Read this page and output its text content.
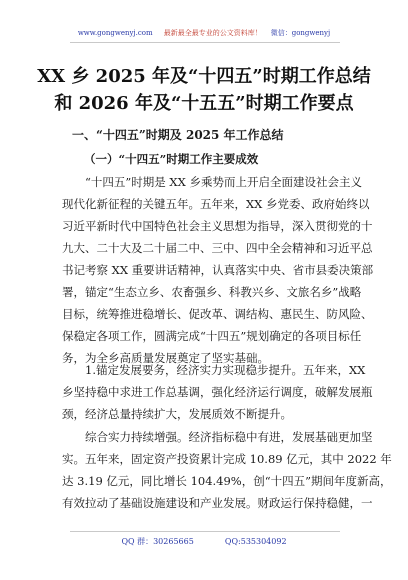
www.gongwenyj.com 最新最全最专业的公文资料库！ 微信：gongwenyj
XX 乡 2025 年及“十四五”时期工作总结
和 2026 年及“十五五”时期工作要点
一、“十四五”时期及 2025 年工作总结
（一）“十四五”时期工作主要成效
“十四五”时期是 XX 乡乘势而上开启全面建设社会主义
现代化新征程的关键五年。五年来，XX 乡党委、政府始终以
习近平新时代中国特色社会主义思想为指导，深入贯彻党的十
九大、二十大及二十届二中、三中、四中全会精神和习近平总
书记考察 XX 重要讲话精神，认真落实中央、省市县委决策部
署，锚定“生态立乡、农畜强乡、科教兴乡、文旅名乡”战略
目标，统筹推进稳增长、促改革、调结构、惠民生、防风险、
保稳定各项工作，圆满完成“十四五”规划确定的各项目标任
务，为全乡高质量发展奠定了坚实基础。
1.锚定发展要务，经济实力实现稳步提升。五年来，XX
乡坚持稳中求进工作总基调，强化经济运行调度，破解发展瓶
颈，经济总量持续扩大，发展质效不断提升。
综合实力持续增强。经济指标稳中有进，发展基础更加坚
实。五年来，固定资产投资累计完成 10.89 亿元，其中 2022 年
达 3.19 亿元，同比增长 104.49%，创“十四五”期间年度新高，
有效拉动了基础设施建设和产业发展。财政运行保持稳健，一
QQ 群：30265665	QQ:535304092
